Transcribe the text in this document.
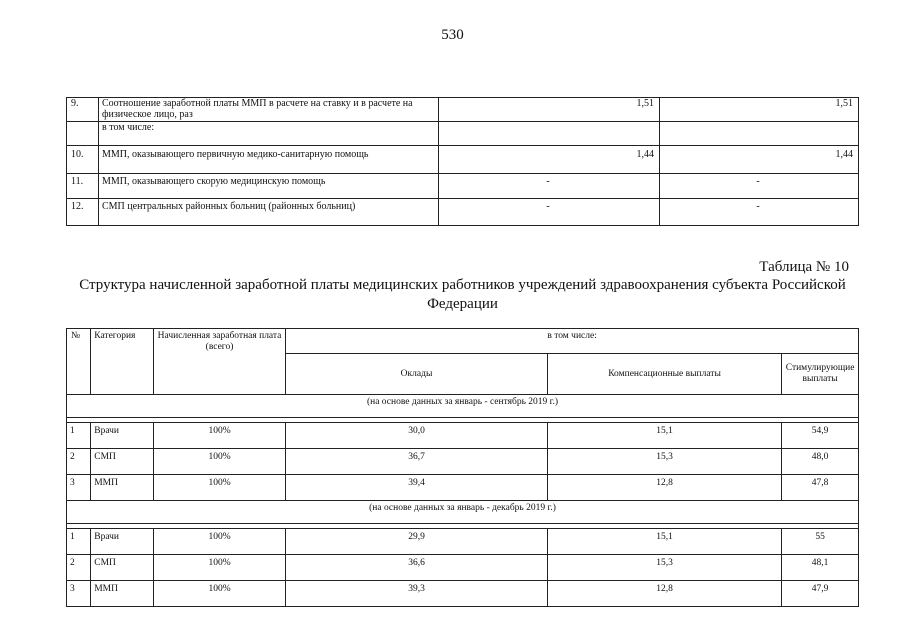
530
9.	Соотношение заработной платы ММП в расчете на ставку и в расчете на физическое лицо, раз	1,51	1,51
	в том числе:		
10.	ММП, оказывающего первичную медико-санитарную помощь	1,44	1,44
11.	ММП, оказывающего скорую медицинскую помощь	-	-
12.	СМП центральных районных больниц (районных больниц)	-	-
Таблица № 10
Структура начисленной заработной платы медицинских работников учреждений здравоохранения субъекта Российской
Федерации
№	Категория	Начисленная заработная плата (всего)	в том числе:		
			Оклады	Компенсационные выплаты	Стимулирующие выплаты
(на основе данных за январь - сентябрь 2019 г.)					

1	Врачи	100%	30,0	15,1	54,9
2	СМП	100%	36,7	15,3	48,0
3	ММП	100%	39,4	12,8	47,8
(на основе данных за январь - декабрь 2019 г.)					

1	Врачи	100%	29,9	15,1	55
2	СМП	100%	36,6	15,3	48,1
3	ММП	100%	39,3	12,8	47,9
